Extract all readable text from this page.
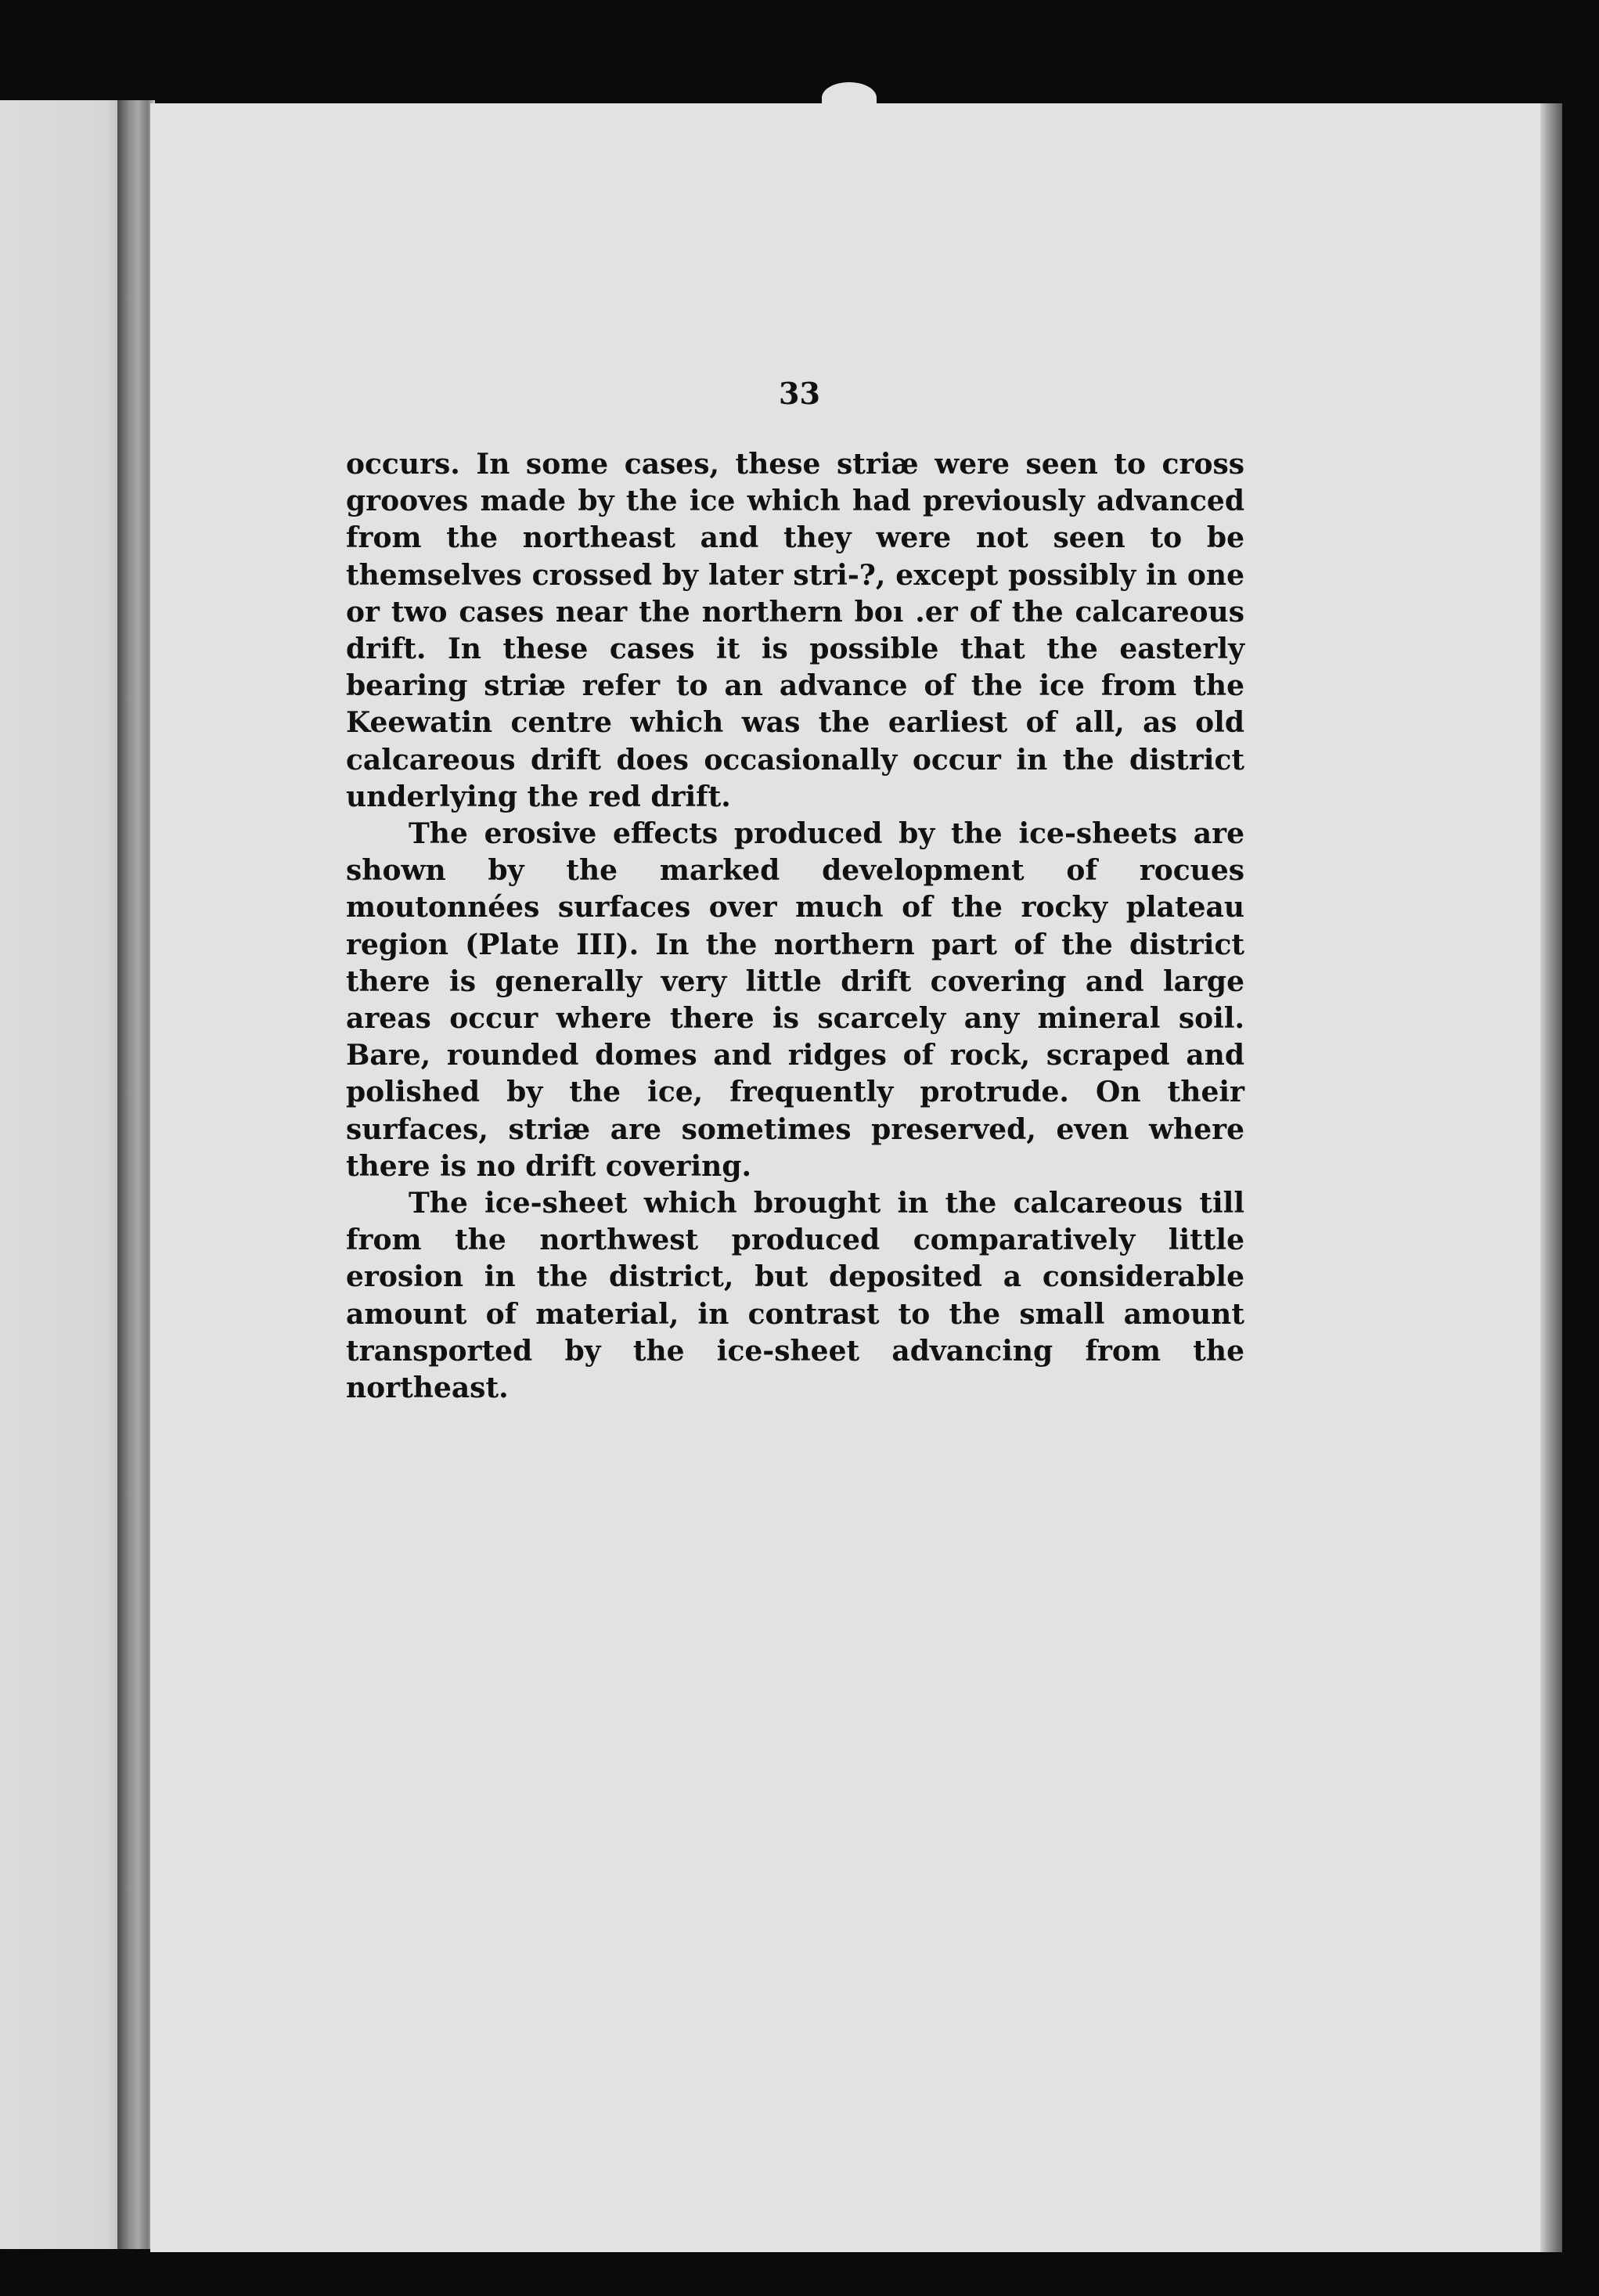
33

occurs. In some cases, these striæ were seen to cross grooves made by the ice which had previously advanced from the northeast and they were not seen to be themselves crossed by later stri-?, except possibly in one or two cases near the northern boı .er of the calcareous drift. In these cases it is possible that the easterly bearing striæ refer to an advance of the ice from the Keewatin centre which was the earliest of all, as old calcareous drift does occasionally occur in the district underlying the red drift.

The erosive effects produced by the ice-sheets are shown by the marked development of rocues moutonnées surfaces over much of the rocky plateau region (Plate III). In the northern part of the district there is generally very little drift covering and large areas occur where there is scarcely any mineral soil. Bare, rounded domes and ridges of rock, scraped and polished by the ice, frequently protrude. On their surfaces, striæ are sometimes preserved, even where there is no drift covering.

The ice-sheet which brought in the calcareous till from the northwest produced comparatively little erosion in the district, but deposited a considerable amount of material, in contrast to the small amount transported by the ice-sheet advancing from the northeast.
